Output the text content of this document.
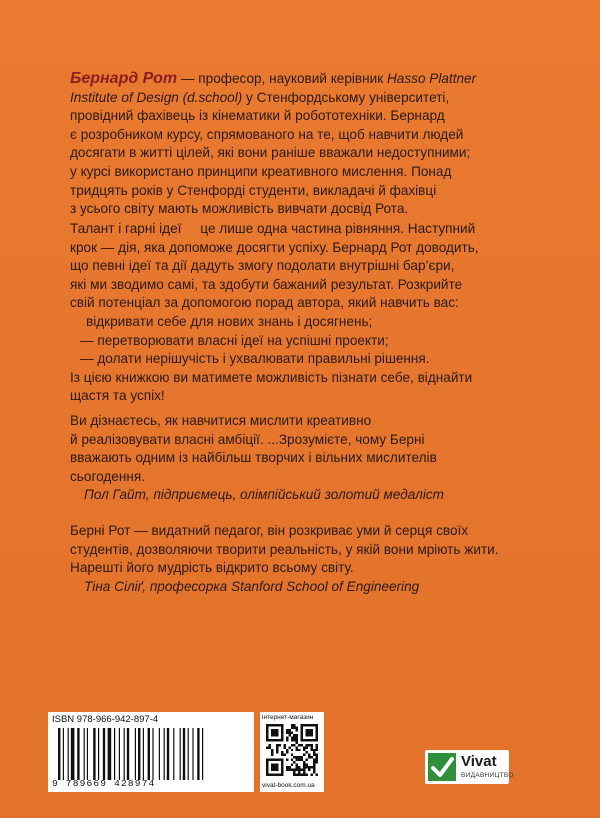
Бернард Рот — професор, науковий керівник Hasso Plattner
Institute of Design (d.school) у Стенфордському університеті,
провідний фахівець із кінематики й робототехніки. Бернард
є розробником курсу, спрямованого на те, щоб навчити людей
досягати в житті цілей, які вони раніше вважали недоступними;
у курсі використано принципи креативного мислення. Понад
тридцять років у Стенфорді студенти, викладачі й фахівці
з усього світу мають можливість вивчати досвід Рота.
Талант і гарні ідеї     це лише одна частина рівняння. Наступний
крок — дія, яка допоможе досягти успіху. Бернард Рот доводить,
що певні ідеї та дії дадуть змогу подолати внутрішні бар’єри,
які ми зводимо самі, та здобути бажаний результат. Розкрийте
свій потенціал за допомогою порад автора, який навчить вас:
відкривати себе для нових знань і досягнень;
— перетворювати власні ідеї на успішні проекти;
— долати нерішучість і ухвалювати правильні рішення.
Із цією книжкою ви матимете можливість пізнати себе, віднайти
щастя та успіх!
Ви дізнаєтесь, як навчитися мислити креативно
й реалізовувати власні амбіції. ...Зрозумієте, чому Берні
вважають одним із найбільш творчих і вільних мислителів
сьогодення.
Пол Гайт, підприємець, олімпійський золотий медаліст
Берні Рот — видатний педагог, він розкриває уми й серця своїх
студентів, дозволяючи творити реальність, у якій вони мріють жити.
Нарешті його мудрість відкрито всьому світу.
Тіна Сіліґ, професорка Stanford School of Engineering
ISBN 978-966-942-897-4
9 789669 428974
інтернет-магазин
vivat-book.com.ua
Vivat
ВИДАВНИЦТВО
